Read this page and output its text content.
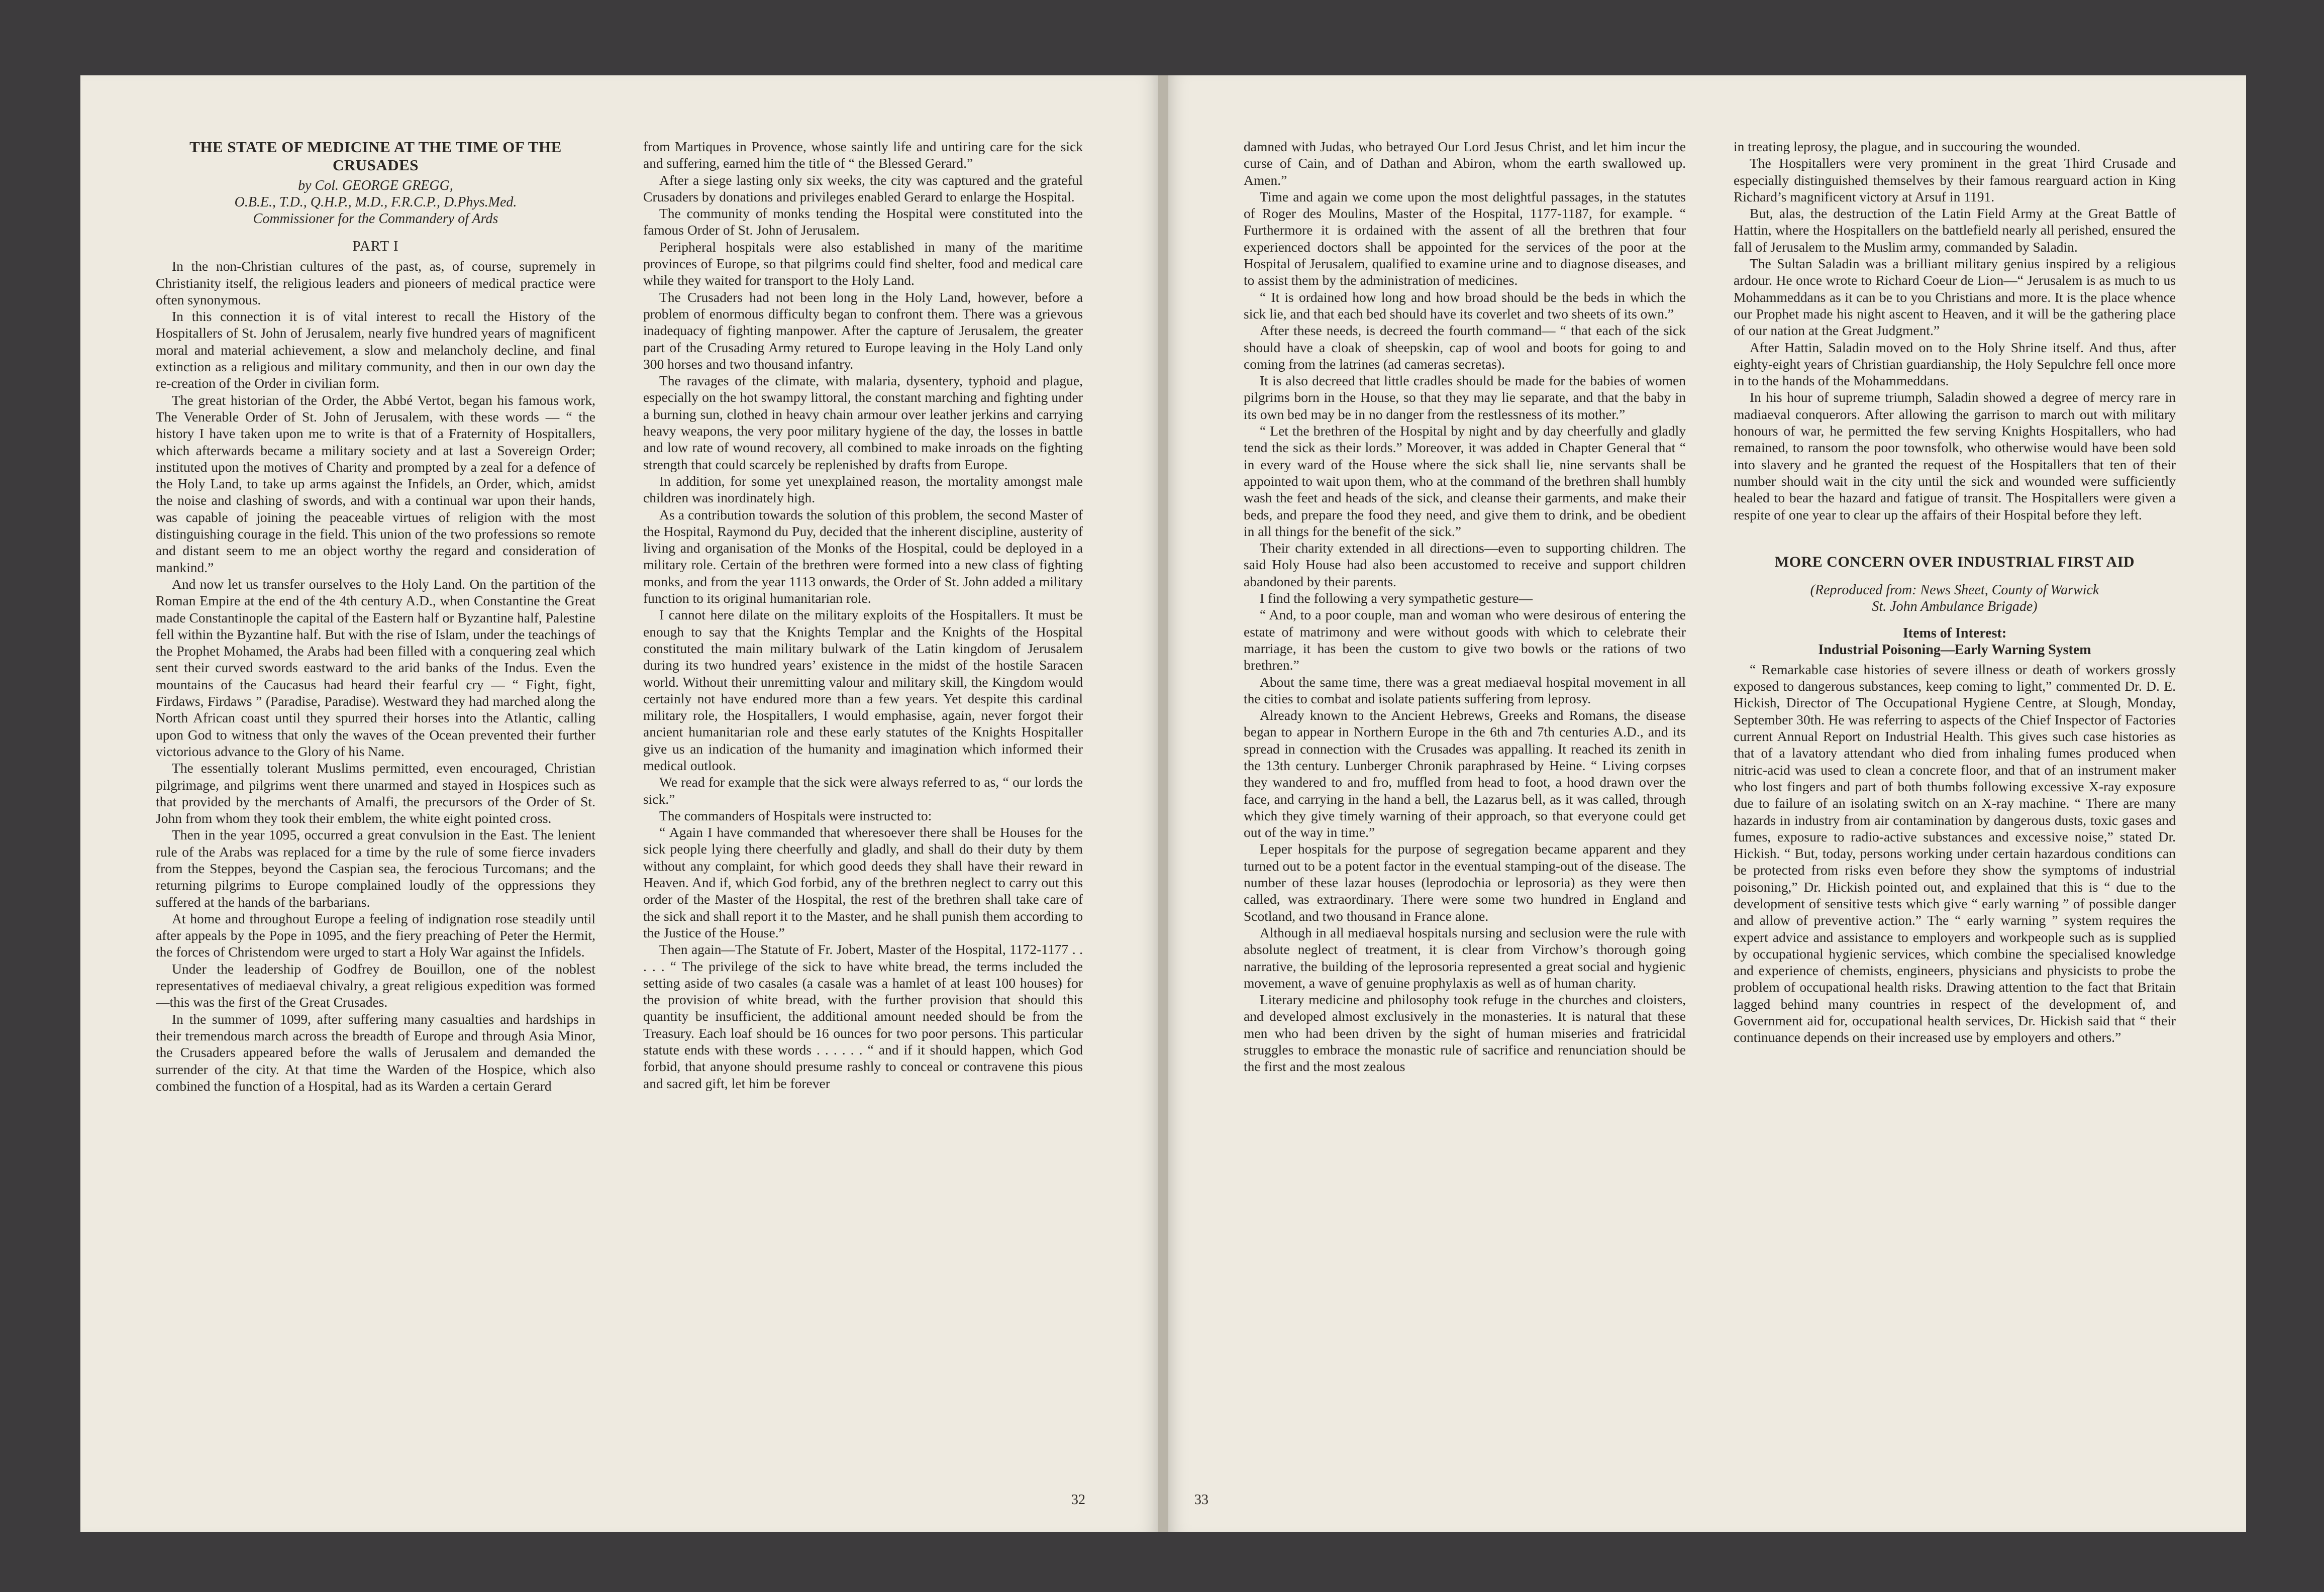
THE STATE OF MEDICINE AT THE TIME OF THE CRUSADES

by Col. GEORGE GREGG,

O.B.E., T.D., Q.H.P., M.D., F.R.C.P., D.Phys.Med.

Commissioner for the Commandery of Ards

PART I

In the non-Christian cultures of the past, as, of course, supremely in Christianity itself, the religious leaders and pioneers of medical practice were often synonymous.

In this connection it is of vital interest to recall the History of the Hospitallers of St. John of Jerusalem, nearly five hundred years of magnificent moral and material achievement, a slow and melancholy decline, and final extinction as a religious and military community, and then in our own day the re-creation of the Order in civilian form.

The great historian of the Order, the Abbé Vertot, began his famous work, The Venerable Order of St. John of Jerusalem, with these words — “ the history I have taken upon me to write is that of a Fraternity of Hospitallers, which afterwards became a military society and at last a Sovereign Order; instituted upon the motives of Charity and prompted by a zeal for a defence of the Holy Land, to take up arms against the Infidels, an Order, which, amidst the noise and clashing of swords, and with a continual war upon their hands, was capable of joining the peaceable virtues of religion with the most distinguishing courage in the field. This union of the two professions so remote and distant seem to me an object worthy the regard and consideration of mankind.”

And now let us transfer ourselves to the Holy Land. On the partition of the Roman Empire at the end of the 4th century A.D., when Constantine the Great made Constantinople the capital of the Eastern half or Byzantine half, Palestine fell within the Byzantine half. But with the rise of Islam, under the teachings of the Prophet Mohamed, the Arabs had been filled with a conquering zeal which sent their curved swords eastward to the arid banks of the Indus. Even the mountains of the Caucasus had heard their fearful cry — “ Fight, fight, Firdaws, Firdaws ” (Paradise, Paradise). Westward they had marched along the North African coast until they spurred their horses into the Atlantic, calling upon God to witness that only the waves of the Ocean prevented their further victorious advance to the Glory of his Name.

The essentially tolerant Muslims permitted, even encouraged, Christian pilgrimage, and pilgrims went there unarmed and stayed in Hospices such as that provided by the merchants of Amalfi, the precursors of the Order of St. John from whom they took their emblem, the white eight pointed cross.

Then in the year 1095, occurred a great convulsion in the East. The lenient rule of the Arabs was replaced for a time by the rule of some fierce invaders from the Steppes, beyond the Caspian sea, the ferocious Turcomans; and the returning pilgrims to Europe complained loudly of the oppressions they suffered at the hands of the barbarians.

At home and throughout Europe a feeling of indignation rose steadily until after appeals by the Pope in 1095, and the fiery preaching of Peter the Hermit, the forces of Christendom were urged to start a Holy War against the Infidels.

Under the leadership of Godfrey de Bouillon, one of the noblest representatives of mediaeval chivalry, a great religious expedition was formed—this was the first of the Great Crusades.

In the summer of 1099, after suffering many casualties and hardships in their tremendous march across the breadth of Europe and through Asia Minor, the Crusaders appeared before the walls of Jerusalem and demanded the surrender of the city. At that time the Warden of the Hospice, which also combined the function of a Hospital, had as its Warden a certain Gerard

from Martiques in Provence, whose saintly life and untiring care for the sick and suffering, earned him the title of “ the Blessed Gerard.”

After a siege lasting only six weeks, the city was captured and the grateful Crusaders by donations and privileges enabled Gerard to enlarge the Hospital.

The community of monks tending the Hospital were constituted into the famous Order of St. John of Jerusalem.

Peripheral hospitals were also established in many of the maritime provinces of Europe, so that pilgrims could find shelter, food and medical care while they waited for transport to the Holy Land.

The Crusaders had not been long in the Holy Land, however, before a problem of enormous difficulty began to confront them. There was a grievous inadequacy of fighting manpower. After the capture of Jerusalem, the greater part of the Crusading Army retured to Europe leaving in the Holy Land only 300 horses and two thousand infantry.

The ravages of the climate, with malaria, dysentery, typhoid and plague, especially on the hot swampy littoral, the constant marching and fighting under a burning sun, clothed in heavy chain armour over leather jerkins and carrying heavy weapons, the very poor military hygiene of the day, the losses in battle and low rate of wound recovery, all combined to make inroads on the fighting strength that could scarcely be replenished by drafts from Europe.

In addition, for some yet unexplained reason, the mortality amongst male children was inordinately high.

As a contribution towards the solution of this problem, the second Master of the Hospital, Raymond du Puy, decided that the inherent discipline, austerity of living and organisation of the Monks of the Hospital, could be deployed in a military role. Certain of the brethren were formed into a new class of fighting monks, and from the year 1113 onwards, the Order of St. John added a military function to its original humanitarian role.

I cannot here dilate on the military exploits of the Hospitallers. It must be enough to say that the Knights Templar and the Knights of the Hospital constituted the main military bulwark of the Latin kingdom of Jerusalem during its two hundred years’ existence in the midst of the hostile Saracen world. Without their unremitting valour and military skill, the Kingdom would certainly not have endured more than a few years. Yet despite this cardinal military role, the Hospitallers, I would emphasise, again, never forgot their ancient humanitarian role and these early statutes of the Knights Hospitaller give us an indication of the humanity and imagination which informed their medical outlook.

We read for example that the sick were always referred to as, “ our lords the sick.”

The commanders of Hospitals were instructed to:

“ Again I have commanded that wheresoever there shall be Houses for the sick people lying there cheerfully and gladly, and shall do their duty by them without any complaint, for which good deeds they shall have their reward in Heaven. And if, which God forbid, any of the brethren neglect to carry out this order of the Master of the Hospital, the rest of the brethren shall take care of the sick and shall report it to the Master, and he shall punish them according to the Justice of the House.”

Then again—The Statute of Fr. Jobert, Master of the Hospital, 1172-1177 . . . . . “ The privilege of the sick to have white bread, the terms included the setting aside of two casales (a casale was a hamlet of at least 100 houses) for the provision of white bread, with the further provision that should this quantity be insufficient, the additional amount needed should be from the Treasury. Each loaf should be 16 ounces for two poor persons. This particular statute ends with these words . . . . . . “ and if it should happen, which God forbid, that anyone should presume rashly to conceal or contravene this pious and sacred gift, let him be forever

32

damned with Judas, who betrayed Our Lord Jesus Christ, and let him incur the curse of Cain, and of Dathan and Abiron, whom the earth swallowed up. Amen.”

Time and again we come upon the most delightful passages, in the statutes of Roger des Moulins, Master of the Hospital, 1177-1187, for example. “ Furthermore it is ordained with the assent of all the brethren that four experienced doctors shall be appointed for the services of the poor at the Hospital of Jerusalem, qualified to examine urine and to diagnose diseases, and to assist them by the administration of medicines.

“ It is ordained how long and how broad should be the beds in which the sick lie, and that each bed should have its coverlet and two sheets of its own.”

After these needs, is decreed the fourth command— “ that each of the sick should have a cloak of sheepskin, cap of wool and boots for going to and coming from the latrines (ad cameras secretas).

It is also decreed that little cradles should be made for the babies of women pilgrims born in the House, so that they may lie separate, and that the baby in its own bed may be in no danger from the restlessness of its mother.”

“ Let the brethren of the Hospital by night and by day cheerfully and gladly tend the sick as their lords.” Moreover, it was added in Chapter General that “ in every ward of the House where the sick shall lie, nine servants shall be appointed to wait upon them, who at the command of the brethren shall humbly wash the feet and heads of the sick, and cleanse their garments, and make their beds, and prepare the food they need, and give them to drink, and be obedient in all things for the benefit of the sick.”

Their charity extended in all directions—even to supporting children. The said Holy House had also been accustomed to receive and support children abandoned by their parents.

I find the following a very sympathetic gesture—

“ And, to a poor couple, man and woman who were desirous of entering the estate of matrimony and were without goods with which to celebrate their marriage, it has been the custom to give two bowls or the rations of two brethren.”

About the same time, there was a great mediaeval hospital movement in all the cities to combat and isolate patients suffering from leprosy.

Already known to the Ancient Hebrews, Greeks and Romans, the disease began to appear in Northern Europe in the 6th and 7th centuries A.D., and its spread in connection with the Crusades was appalling. It reached its zenith in the 13th century. Lunberger Chronik paraphrased by Heine. “ Living corpses they wandered to and fro, muffled from head to foot, a hood drawn over the face, and carrying in the hand a bell, the Lazarus bell, as it was called, through which they give timely warning of their approach, so that everyone could get out of the way in time.”

Leper hospitals for the purpose of segregation became apparent and they turned out to be a potent factor in the eventual stamping-out of the disease. The number of these lazar houses (leprodochia or leprosoria) as they were then called, was extraordinary. There were some two hundred in England and Scotland, and two thousand in France alone.

Although in all mediaeval hospitals nursing and seclusion were the rule with absolute neglect of treatment, it is clear from Virchow’s thorough going narrative, the building of the leprosoria represented a great social and hygienic movement, a wave of genuine prophylaxis as well as of human charity.

Literary medicine and philosophy took refuge in the churches and cloisters, and developed almost exclusively in the monasteries. It is natural that these men who had been driven by the sight of human miseries and fratricidal struggles to embrace the monastic rule of sacrifice and renunciation should be the first and the most zealous

in treating leprosy, the plague, and in succouring the wounded.

The Hospitallers were very prominent in the great Third Crusade and especially distinguished themselves by their famous rearguard action in King Richard’s magnificent victory at Arsuf in 1191.

But, alas, the destruction of the Latin Field Army at the Great Battle of Hattin, where the Hospitallers on the battlefield nearly all perished, ensured the fall of Jerusalem to the Muslim army, commanded by Saladin.

The Sultan Saladin was a brilliant military genius inspired by a religious ardour. He once wrote to Richard Coeur de Lion—“ Jerusalem is as much to us Mohammeddans as it can be to you Christians and more. It is the place whence our Prophet made his night ascent to Heaven, and it will be the gathering place of our nation at the Great Judgment.”

After Hattin, Saladin moved on to the Holy Shrine itself. And thus, after eighty-eight years of Christian guardianship, the Holy Sepulchre fell once more in to the hands of the Mohammeddans.

In his hour of supreme triumph, Saladin showed a degree of mercy rare in madiaeval conquerors. After allowing the garrison to march out with military honours of war, he permitted the few serving Knights Hospitallers, who had remained, to ransom the poor townsfolk, who otherwise would have been sold into slavery and he granted the request of the Hospitallers that ten of their number should wait in the city until the sick and wounded were sufficiently healed to bear the hazard and fatigue of transit. The Hospitallers were given a respite of one year to clear up the affairs of their Hospital before they left.

MORE CONCERN OVER INDUSTRIAL FIRST AID
(Reproduced from: News Sheet, County of Warwick
St. John Ambulance Brigade)
Items of Interest:
Industrial Poisoning—Early Warning System

“ Remarkable case histories of severe illness or death of workers grossly exposed to dangerous substances, keep coming to light,” commented Dr. D. E. Hickish, Director of The Occupational Hygiene Centre, at Slough, Monday, September 30th. He was referring to aspects of the Chief Inspector of Factories current Annual Report on Industrial Health. This gives such case histories as that of a lavatory attendant who died from inhaling fumes produced when nitric-acid was used to clean a concrete floor, and that of an instrument maker who lost fingers and part of both thumbs following excessive X-ray exposure due to failure of an isolating switch on an X-ray machine. “ There are many hazards in industry from air contamination by dangerous dusts, toxic gases and fumes, exposure to radio-active substances and excessive noise,” stated Dr. Hickish. “ But, today, persons working under certain hazardous conditions can be protected from risks even before they show the symptoms of industrial poisoning,” Dr. Hickish pointed out, and explained that this is “ due to the development of sensitive tests which give “ early warning ” of possible danger and allow of preventive action.” The “ early warning ” system requires the expert advice and assistance to employers and workpeople such as is supplied by occupational hygienic services, which combine the specialised knowledge and experience of chemists, engineers, physicians and physicists to probe the problem of occupational health risks. Drawing attention to the fact that Britain lagged behind many countries in respect of the development of, and Government aid for, occupational health services, Dr. Hickish said that “ their continuance depends on their increased use by employers and others.”

33
